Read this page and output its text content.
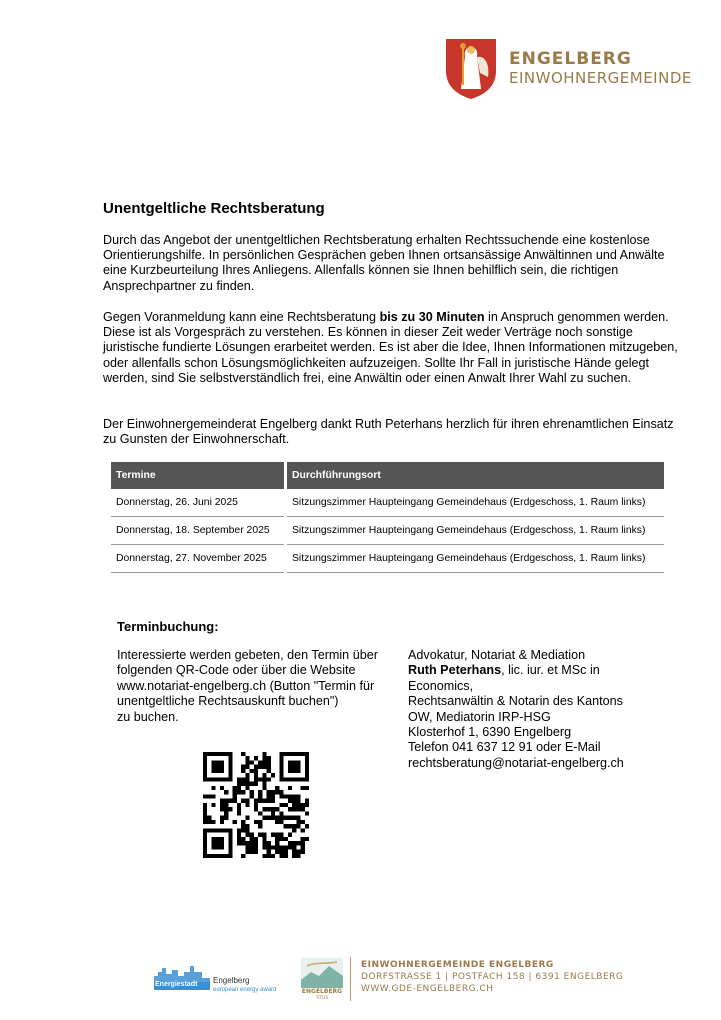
ENGELBERG
EINWOHNERGEMEINDE
Unentgeltliche Rechtsberatung

Durch das Angebot der unentgeltlichen Rechtsberatung erhalten Rechtssuchende eine kostenlose Orientierungshilfe. In persönlichen Gesprächen geben Ihnen ortsansässige Anwältinnen und Anwälte eine Kurzbeurteilung Ihres Anliegens. Allenfalls können sie Ihnen behilflich sein, die richtigen Ansprechpartner zu finden.

Gegen Voranmeldung kann eine Rechtsberatung bis zu 30 Minuten in Anspruch genommen werden. Diese ist als Vorgespräch zu verstehen. Es können in dieser Zeit weder Verträge noch sonstige juristische fundierte Lösungen erarbeitet werden. Es ist aber die Idee, Ihnen Informationen mitzugeben, oder allenfalls schon Lösungsmöglichkeiten aufzuzeigen. Sollte Ihr Fall in juristische Hände gelegt werden, sind Sie selbstverständlich frei, eine Anwältin oder einen Anwalt Ihrer Wahl zu suchen.

Der Einwohnergemeinderat Engelberg dankt Ruth Peterhans herzlich für ihren ehrenamtlichen Einsatz zu Gunsten der Einwohnerschaft.

Termine	Durchführungsort
Donnerstag, 26. Juni 2025	Sitzungszimmer Haupteingang Gemeindehaus (Erdgeschoss, 1. Raum links)
Donnerstag, 18. September 2025	Sitzungszimmer Haupteingang Gemeindehaus (Erdgeschoss, 1. Raum links)
Donnerstag, 27. November 2025	Sitzungszimmer Haupteingang Gemeindehaus (Erdgeschoss, 1. Raum links)
Terminbuchung:
Interessierte werden gebeten, den Termin über
folgenden QR-Code oder über die Website
www.notariat-engelberg.ch (Button "Termin für
unentgeltliche Rechtsauskunft buchen")
zu buchen.
Advokatur, Notariat & Mediation
Ruth Peterhans, lic. iur. et MSc in
Economics,
Rechtsanwältin & Notarin des Kantons
OW, Mediatorin IRP-HSG
Klosterhof 1, 6390 Engelberg
Telefon 041 637 12 91 oder E-Mail
rechtsberatung@notariat-engelberg.ch
Energiestadt Engelberg
european energy award	ENGELBERG
TITLIS
EINWOHNERGEMEINDE ENGELBERG
DORFSTRASSE 1 | POSTFACH 158 | 6391 ENGELBERG
WWW.GDE-ENGELBERG.CH
